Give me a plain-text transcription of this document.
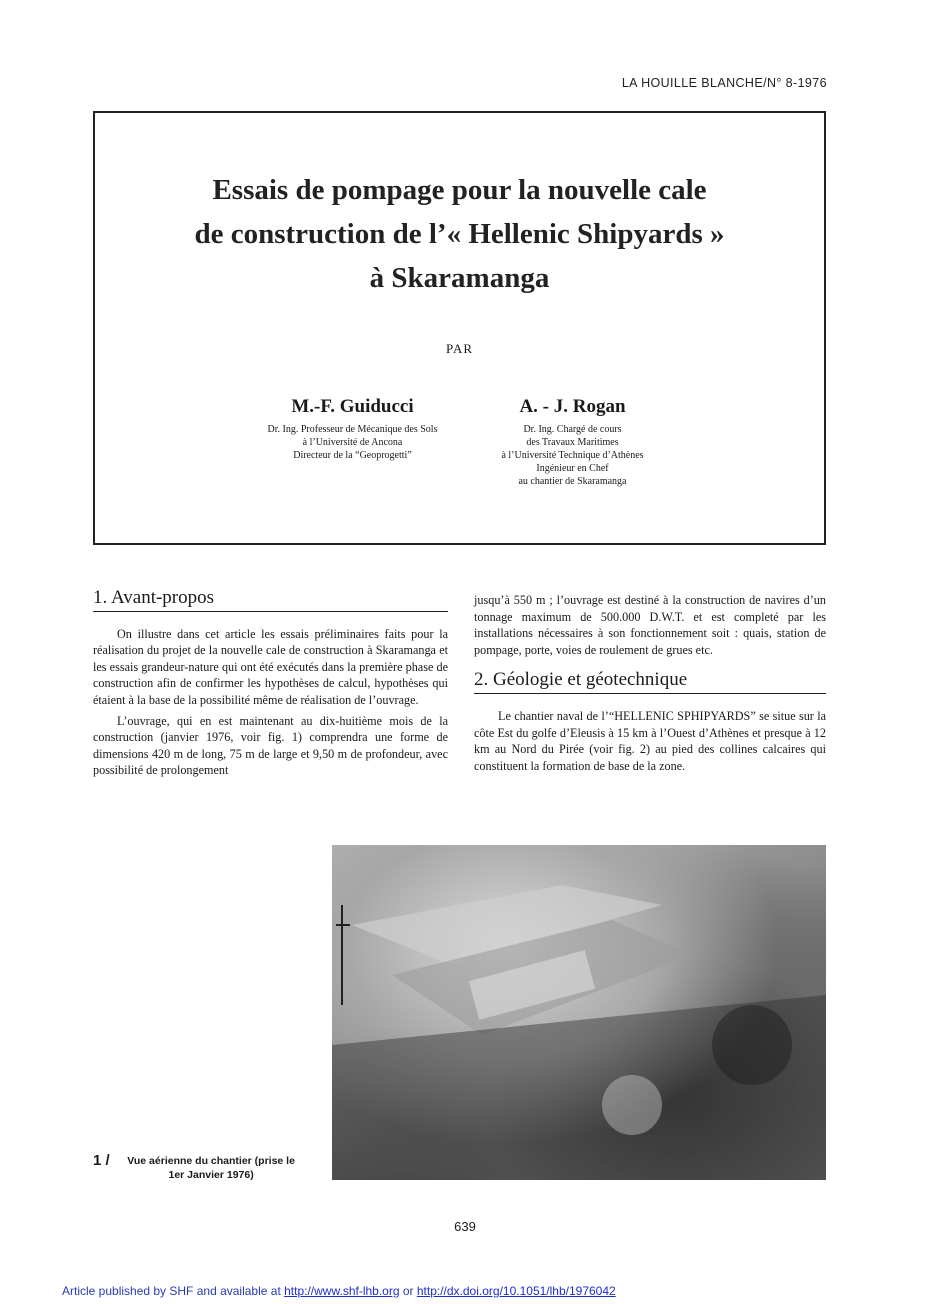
LA HOUILLE BLANCHE/N° 8-1976
Essais de pompage pour la nouvelle cale
de construction de l’« Hellenic Shipyards »
à Skaramanga
PAR
M.-F. Guiducci
Dr. Ing. Professeur de Mécanique des Sols
à l’Université de Ancona
Directeur de la “Geoprogetti”
A. - J. Rogan
Dr. Ing. Chargé de cours
des Travaux Maritimes
à l’Université Technique d’Athènes
Ingénieur en Chef
au chantier de Skaramanga
1. Avant-propos

On illustre dans cet article les essais préliminaires faits pour la réalisation du projet de la nouvelle cale de construction à Skaramanga et les essais grandeur-nature qui ont été exécutés dans la première phase de construction afin de confirmer les hypothèses de calcul, hypothèses qui étaient à la base de la possibilité même de réalisation de l’ouvrage.

L’ouvrage, qui en est maintenant au dix-huitième mois de la construction (janvier 1976, voir fig. 1) comprendra une forme de dimensions 420 m de long, 75 m de large et 9,50 m de profondeur, avec possibilité de prolongement

jusqu’à 550 m ; l’ouvrage est destiné à la construction de navires d’un tonnage maximum de 500.000 D.W.T. et est completé par les installations nécessaires à son fonctionnement soit : quais, station de pompage, porte, voies de roulement de grues etc.

2. Géologie et géotechnique

Le chantier naval de l’“HELLENIC SPHIPYARDS” se situe sur la côte Est du golfe d’Eleusis à 15 km à l’Ouest d’Athènes et presque à 12 km au Nord du Pirée (voir fig. 2) au pied des collines calcaires qui constituent la formation de base de la zone.

1 / Vue aérienne du chantier (prise le 1er Janvier 1976)
639
Article published by SHF and available at http://www.shf-lhb.org or http://dx.doi.org/10.1051/lhb/1976042
